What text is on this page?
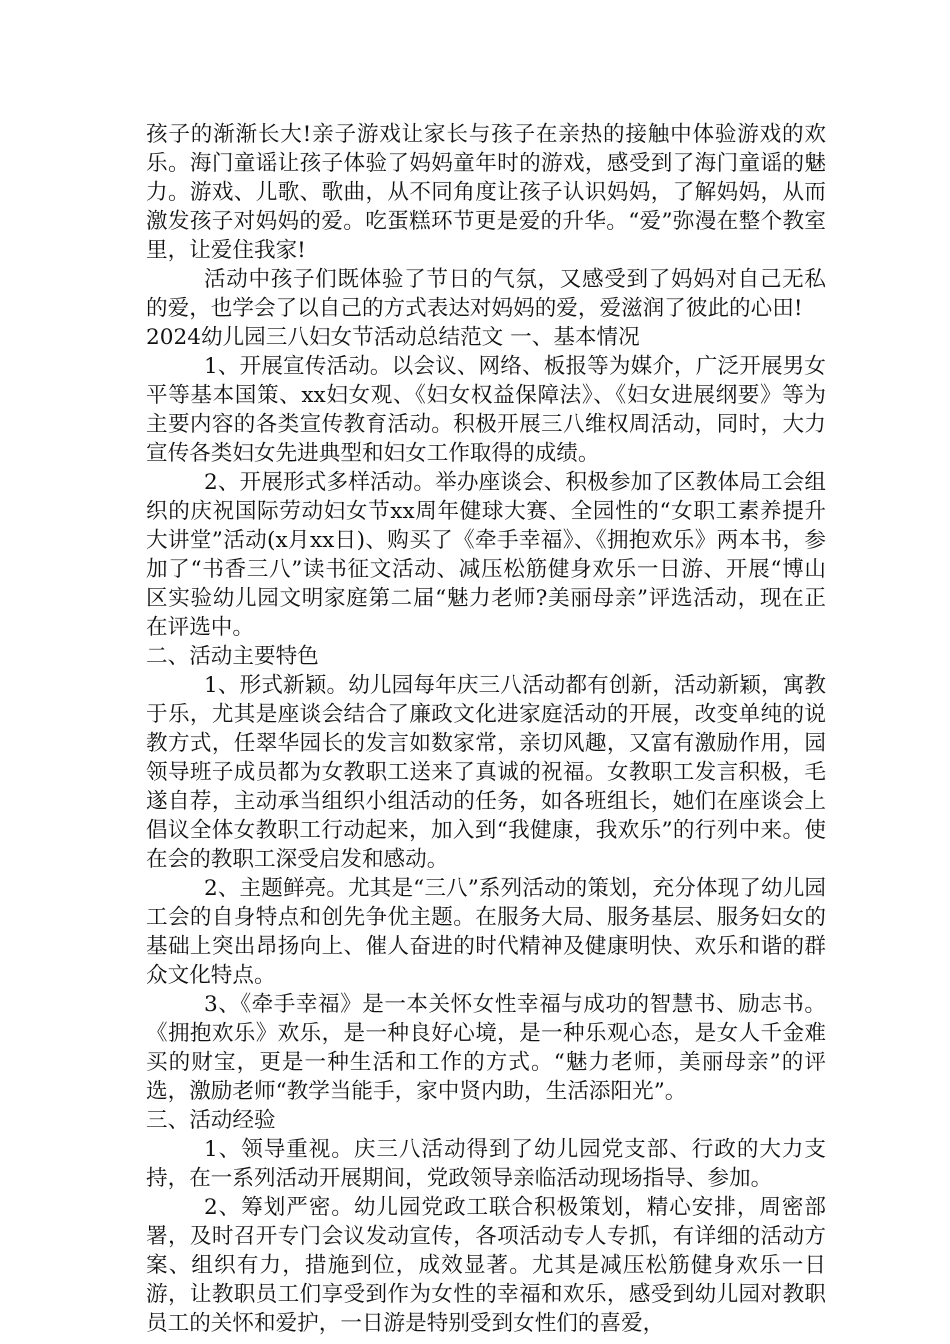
孩子的渐渐长大!亲子游戏让家长与孩子在亲热的接触中体验游戏的欢乐。海门童谣让孩子体验了妈妈童年时的游戏，感受到了海门童谣的魅力。游戏、儿歌、歌曲，从不同角度让孩子认识妈妈，了解妈妈，从而激发孩子对妈妈的爱。吃蛋糕环节更是爱的升华。“爱”弥漫在整个教室里，让爱住我家!

活动中孩子们既体验了节日的气氛，又感受到了妈妈对自己无私的爱，也学会了以自己的方式表达对妈妈的爱，爱滋润了彼此的心田!

2024幼儿园三八妇女节活动总结范文 一、基本情况

1、开展宣传活动。以会议、网络、板报等为媒介，广泛开展男女平等基本国策、xx妇女观、《妇女权益保障法》、《妇女进展纲要》等为主要内容的各类宣传教育活动。积极开展三八维权周活动，同时，大力宣传各类妇女先进典型和妇女工作取得的成绩。

2、开展形式多样活动。举办座谈会、积极参加了区教体局工会组织的庆祝国际劳动妇女节xx周年健球大赛、全园性的“女职工素养提升大讲堂”活动(x月xx日)、购买了《牵手幸福》、《拥抱欢乐》两本书，参加了“书香三八”读书征文活动、减压松筋健身欢乐一日游、开展“博山区实验幼儿园文明家庭第二届“魅力老师?美丽母亲”评选活动，现在正在评选中。

二、活动主要特色

1、形式新颖。幼儿园每年庆三八活动都有创新，活动新颖，寓教于乐，尤其是座谈会结合了廉政文化进家庭活动的开展，改变单纯的说教方式，任翠华园长的发言如数家常，亲切风趣，又富有激励作用，园领导班子成员都为女教职工送来了真诚的祝福。女教职工发言积极，毛遂自荐，主动承当组织小组活动的任务，如各班组长，她们在座谈会上倡议全体女教职工行动起来，加入到“我健康，我欢乐”的行列中来。使在会的教职工深受启发和感动。

2、主题鲜亮。尤其是“三八”系列活动的策划，充分体现了幼儿园工会的自身特点和创先争优主题。在服务大局、服务基层、服务妇女的基础上突出昂扬向上、催人奋进的时代精神及健康明快、欢乐和谐的群众文化特点。

3、《牵手幸福》是一本关怀女性幸福与成功的智慧书、励志书。《拥抱欢乐》欢乐，是一种良好心境，是一种乐观心态，是女人千金难买的财宝，更是一种生活和工作的方式。“魅力老师，美丽母亲”的评选，激励老师“教学当能手，家中贤内助，生活添阳光”。

三、活动经验

1、领导重视。庆三八活动得到了幼儿园党支部、行政的大力支持，在一系列活动开展期间，党政领导亲临活动现场指导、参加。

2、筹划严密。幼儿园党政工联合积极策划，精心安排，周密部署，及时召开专门会议发动宣传，各项活动专人专抓，有详细的活动方案、组织有力，措施到位，成效显著。尤其是减压松筋健身欢乐一日游，让教职员工们享受到作为女性的幸福和欢乐，感受到幼儿园对教职员工的关怀和爱护，一日游是特别受到女性们的喜爱，
